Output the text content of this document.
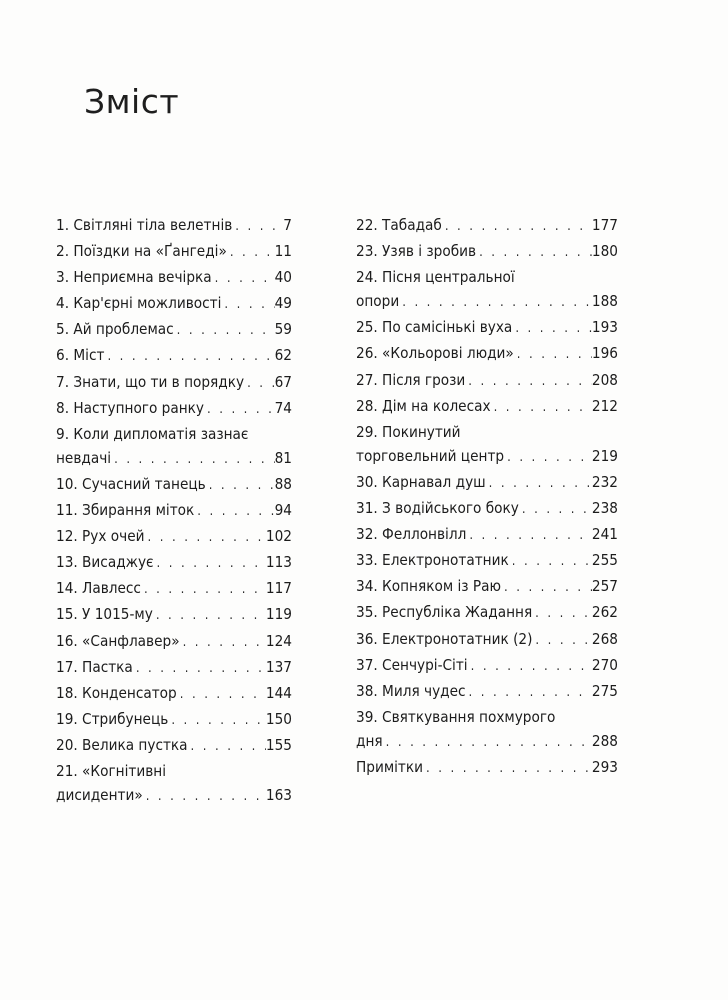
Зміст
1. Світляні тіла велетнів . . .	7
2. Поїздки на «Ґангеді» . . .	11
3. Неприємна вечірка . . .	40
4. Кар'єрні можливості . . .	49
5. Ай проблемас . . .	59
6. Міст . . .	62
7. Знати, що ти в порядку . . . 67
8. Наступного ранку . . .	74
9. Коли дипломатія зазнає
невдачі . . .	81
10. Сучасний танець . . .	88
11. Збирання міток . . .	94
12. Рух очей . . .	102
13. Висаджує . . .	113
14. Лавлесс . . .	117
15. У 1015-му . . .	119
16. «Санфлавер» . . .	124
17. Пастка . . .	137
18. Конденсатор . . .	144
19. Стрибунець . . .	150
20. Велика пустка . . .	155
21. «Когнітивні
дисиденти» . . .	163
22. Табадаб . . .	177
23. Узяв і зробив . . .	180
24. Пісня центральної
опори . . .	188
25. По самісінькі вуха . . .	193
26. «Кольорові люди» . . .	196
27. Після грози . . .	208
28. Дім на колесах . . .	212
29. Покинутий
торговельний центр . . .	219
30. Карнавал душ . . .	232
31. З водійського боку . . .	238
32. Феллонвілл . . .	241
33. Електронотатник . . .	255
34. Копняком із Раю . . .	257
35. Республіка Жадання . . .	262
36. Електронотатник (2) . . .	268
37. Сенчурі-Сіті . . .	270
38. Миля чудес . . .	275
39. Святкування похмурого
дня . . .	288
Примітки . . .	293
